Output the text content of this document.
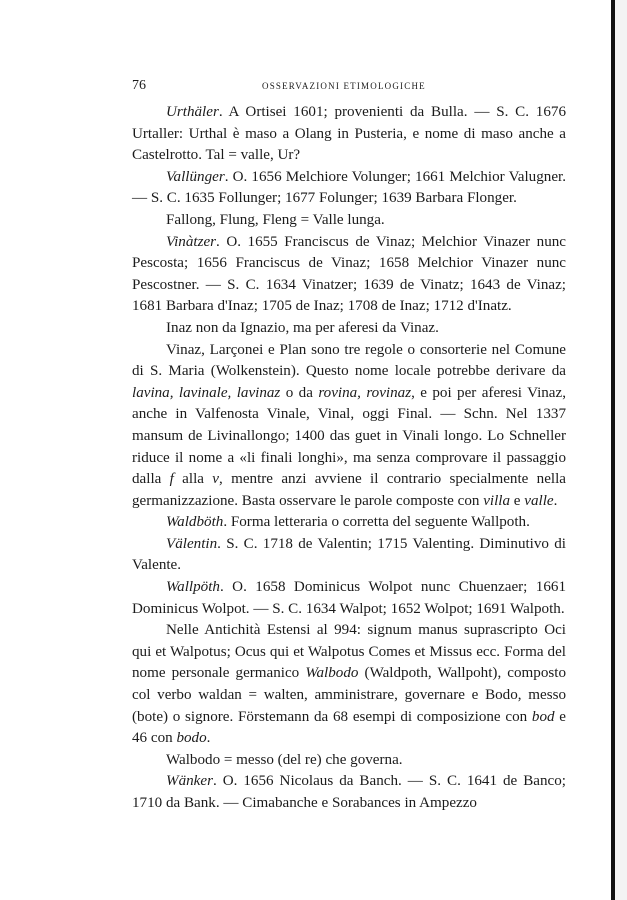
76	OSSERVAZIONI ETIMOLOGICHE

Urthäler. A Ortisei 1601; provenienti da Bulla. — S. C. 1676 Urtaller: Urthal è maso a Olang in Pusteria, e nome di maso anche a Castelrotto. Tal = valle, Ur?

Vallünger. O. 1656 Melchiore Volunger; 1661 Melchior Valugner. — S. C. 1635 Follunger; 1677 Folunger; 1639 Barbara Flonger.

Fallong, Flung, Fleng = Valle lunga.

Vinàtzer. O. 1655 Franciscus de Vinaz; Melchior Vinazer nunc Pescosta; 1656 Franciscus de Vinaz; 1658 Melchior Vinazer nunc Pescostner. — S. C. 1634 Vinatzer; 1639 de Vinatz; 1643 de Vinaz; 1681 Barbara d'Inaz; 1705 de Inaz; 1708 de Inaz; 1712 d'Inatz.

Inaz non da Ignazio, ma per aferesi da Vinaz.

Vinaz, Larçonei e Plan sono tre regole o consorterie nel Comune di S. Maria (Wolkenstein). Questo nome locale potrebbe derivare da lavina, lavinale, lavinaz o da rovina, rovinaz, e poi per aferesi Vinaz, anche in Valfenosta Vinale, Vinal, oggi Final. — Schn. Nel 1337 mansum de Livinallongo; 1400 das guet in Vinali longo. Lo Schneller riduce il nome a «li finali longhi», ma senza comprovare il passaggio dalla f alla v, mentre anzi avviene il contrario specialmente nella germanizzazione. Basta osservare le parole composte con villa e valle.

Waldböth. Forma letteraria o corretta del seguente Wallpoth.

Välentin. S. C. 1718 de Valentin; 1715 Valenting. Diminutivo di Valente.

Wallpöth. O. 1658 Dominicus Wolpot nunc Chuenzaer; 1661 Dominicus Wolpot. — S. C. 1634 Walpot; 1652 Wolpot; 1691 Walpoth.

Nelle Antichità Estensi al 994: signum manus suprascripto Oci qui et Walpotus; Ocus qui et Walpotus Comes et Missus ecc. Forma del nome personale germanico Walbodo (Waldpoth, Wallpoht), composto col verbo waldan = walten, amministrare, governare e Bodo, messo (bote) o signore. Förstemann da 68 esempi di composizione con bod e 46 con bodo.

Walbodo = messo (del re) che governa.

Wänker. O. 1656 Nicolaus da Banch. — S. C. 1641 de Banco; 1710 da Bank. — Cimabanche e Sorabances in Ampezzo
